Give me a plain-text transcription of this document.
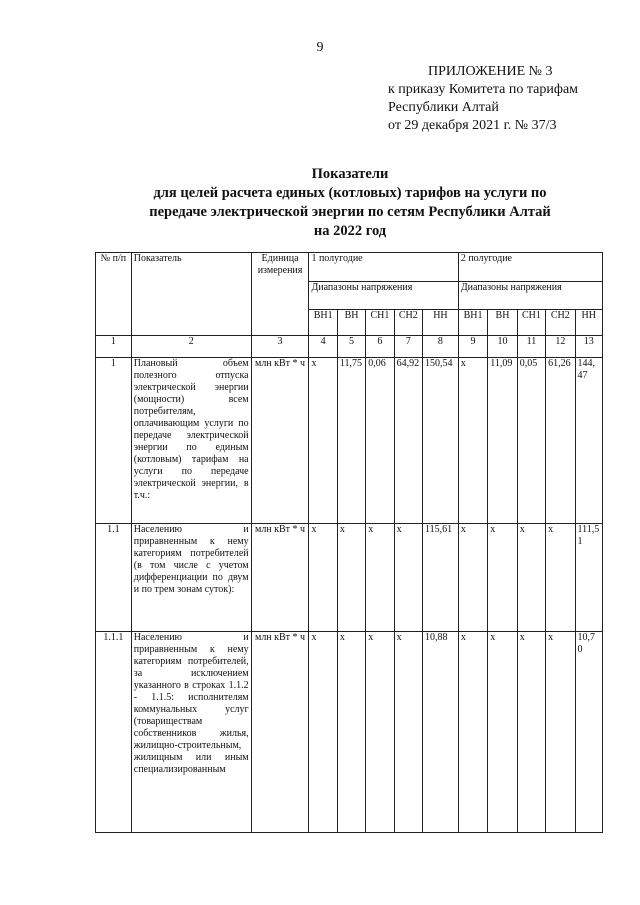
9
ПРИЛОЖЕНИЕ № 3
к приказу Комитета по тарифам
Республики Алтай
от 29 декабря 2021 г. № 37/3
Показатели
для целей расчета единых (котловых) тарифов на услуги по
передаче электрической энергии по сетям Республики Алтай
на 2022 год
№ п/п	Показатель	Единица измерения	1 полугодие					2 полугодие				
			Диапазоны напряжения					Диапазоны напряжения				
			ВН1	ВН	СН1	СН2	НН	ВН1	ВН	СН1	СН2	НН
1	2	3	4	5	6	7	8	9	10	11	12	13
1	Плановый объем полезного отпуска электрической энергии (мощности) всем потребителям, оплачивающим услуги по передаче электрической энергии по единым (котловым) тарифам на услуги по передаче электрической энергии, в т.ч.:	млн кВт * ч	x	11,75	0,06	64,92	150,54	x	11,09	0,05	61,26	144,47
1.1	Населению и приравненным к нему категориям потребителей (в том числе с учетом дифференциации по двум и по трем зонам суток):	млн кВт * ч	x	x	x	x	115,61	x	x	x	x	111,51
1.1.1	Населению и приравненным к нему категориям потребителей, за исключением указанного в строках 1.1.2 - 1.1.5: исполнителям коммунальных услуг (товариществам собственников жилья, жилищно-строительным, жилищным или иным специализированным	млн кВт * ч	x	x	x	x	10,88	x	x	x	x	10,70
